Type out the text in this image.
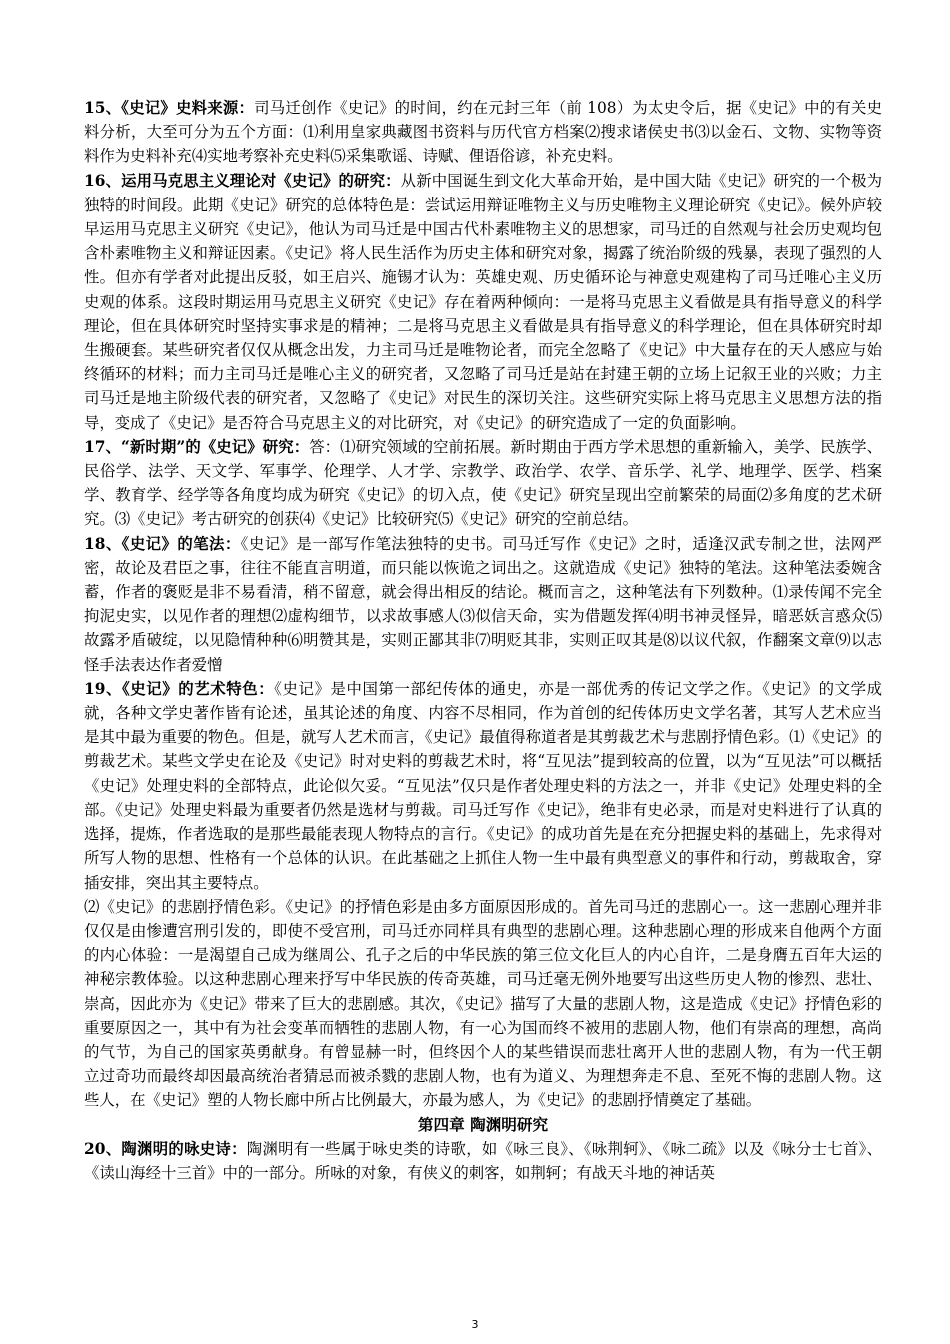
15、《史记》史料来源：司马迁创作《史记》的时间，约在元封三年（前 108）为太史令后，据《史记》中的有关史料分析，大至可分为五个方面：⑴利用皇家典藏图书资料与历代官方档案⑵搜求诸侯史书⑶以金石、文物、实物等资料作为史料补充⑷实地考察补充史料⑸采集歌谣、诗赋、俚语俗谚，补充史料。

16、运用马克思主义理论对《史记》的研究：从新中国诞生到文化大革命开始，是中国大陆《史记》研究的一个极为独特的时间段。此期《史记》研究的总体特色是：尝试运用辩证唯物主义与历史唯物主义理论研究《史记》。候外庐较早运用马克思主义研究《史记》，他认为司马迁是中国古代朴素唯物主义的思想家，司马迁的自然观与社会历史观均包含朴素唯物主义和辩证因素。《史记》将人民生活作为历史主体和研究对象，揭露了统治阶级的残暴，表现了强烈的人性。但亦有学者对此提出反驳，如王启兴、施锡才认为：英雄史观、历史循环论与神意史观建构了司马迁唯心主义历史观的体系。这段时期运用马克思主义研究《史记》存在着两种倾向：一是将马克思主义看做是具有指导意义的科学理论，但在具体研究时坚持实事求是的精神；二是将马克思主义看做是具有指导意义的科学理论，但在具体研究时却生搬硬套。某些研究者仅仅从概念出发，力主司马迁是唯物论者，而完全忽略了《史记》中大量存在的天人感应与始终循环的材料；而力主司马迁是唯心主义的研究者，又忽略了司马迁是站在封建王朝的立场上记叙王业的兴败；力主司马迁是地主阶级代表的研究者，又忽略了《史记》对民生的深切关注。这些研究实际上将马克思主义思想方法的指导，变成了《史记》是否符合马克思主义的对比研究，对《史记》的研究造成了一定的负面影响。

17、“新时期”的《史记》研究：答：⑴研究领域的空前拓展。新时期由于西方学术思想的重新输入，美学、民族学、民俗学、法学、天文学、军事学、伦理学、人才学、宗教学、政治学、农学、音乐学、礼学、地理学、医学、档案学、教育学、经学等各角度均成为研究《史记》的切入点，使《史记》研究呈现出空前繁荣的局面⑵多角度的艺术研究。⑶《史记》考古研究的创获⑷《史记》比较研究⑸《史记》研究的空前总结。

18、《史记》的笔法：《史记》是一部写作笔法独特的史书。司马迁写作《史记》之时，适逢汉武专制之世，法网严密，故论及君臣之事，往往不能直言明道，而只能以恢诡之词出之。这就造成《史记》独特的笔法。这种笔法委婉含蓄，作者的褒贬是非不易看清，稍不留意，就会得出相反的结论。概而言之，这种笔法有下列数种。⑴录传闻不完全拘泥史实，以见作者的理想⑵虚构细节，以求故事感人⑶似信天命，实为借题发挥⑷明书神灵怪异，暗恶妖言惑众⑸故露矛盾破绽，以见隐情种种⑹明赞其是，实则正鄙其非⑺明贬其非，实则正叹其是⑻以议代叙，作翻案文章⑼以志怪手法表达作者爱憎

19、《史记》的艺术特色：《史记》是中国第一部纪传体的通史，亦是一部优秀的传记文学之作。《史记》的文学成就，各种文学史著作皆有论述，虽其论述的角度、内容不尽相同，作为首创的纪传体历史文学名著，其写人艺术应当是其中最为重要的物色。但是，就写人艺术而言，《史记》最值得称道者是其剪裁艺术与悲剧抒情色彩。⑴《史记》的剪裁艺术。某些文学史在论及《史记》时对史料的剪裁艺术时，将“互见法”提到较高的位置，以为“互见法”可以概括《史记》处理史料的全部特点，此论似欠妥。“互见法”仅只是作者处理史料的方法之一，并非《史记》处理史料的全部。《史记》处理史料最为重要者仍然是选材与剪裁。司马迁写作《史记》，绝非有史必录，而是对史料进行了认真的选择，提炼，作者选取的是那些最能表现人物特点的言行。《史记》的成功首先是在充分把握史料的基础上，先求得对所写人物的思想、性格有一个总体的认识。在此基础之上抓住人物一生中最有典型意义的事件和行动，剪裁取舍，穿插安排，突出其主要特点。

⑵《史记》的悲剧抒情色彩。《史记》的抒情色彩是由多方面原因形成的。首先司马迁的悲剧心一。这一悲剧心理并非仅仅是由惨遭宫刑引发的，即使不受宫刑，司马迁亦同样具有典型的悲剧心理。这种悲剧心理的形成来自他两个方面的内心体验：一是渴望自己成为继周公、孔子之后的中华民族的第三位文化巨人的内心自许，二是身膺五百年大运的神秘宗教体验。以这种悲剧心理来抒写中华民族的传奇英雄，司马迁毫无例外地要写出这些历史人物的惨烈、悲壮、崇高，因此亦为《史记》带来了巨大的悲剧感。其次，《史记》描写了大量的悲剧人物，这是造成《史记》抒情色彩的重要原因之一，其中有为社会变革而牺牲的悲剧人物，有一心为国而终不被用的悲剧人物，他们有崇高的理想，高尚的气节，为自己的国家英勇献身。有曾显赫一时，但终因个人的某些错误而悲壮离开人世的悲剧人物，有为一代王朝立过奇功而最终却因最高统治者猜忌而被杀戮的悲剧人物，也有为道义、为理想奔走不息、至死不悔的悲剧人物。这些人，在《史记》塑的人物长廊中所占比例最大，亦最为感人，为《史记》的悲剧抒情奠定了基础。

第四章 陶渊明研究

20、陶渊明的咏史诗：陶渊明有一些属于咏史类的诗歌，如《咏三良》、《咏荆轲》、《咏二疏》以及《咏分士七首》、《读山海经十三首》中的一部分。所咏的对象，有侠义的刺客，如荆轲；有战天斗地的神话英

3
